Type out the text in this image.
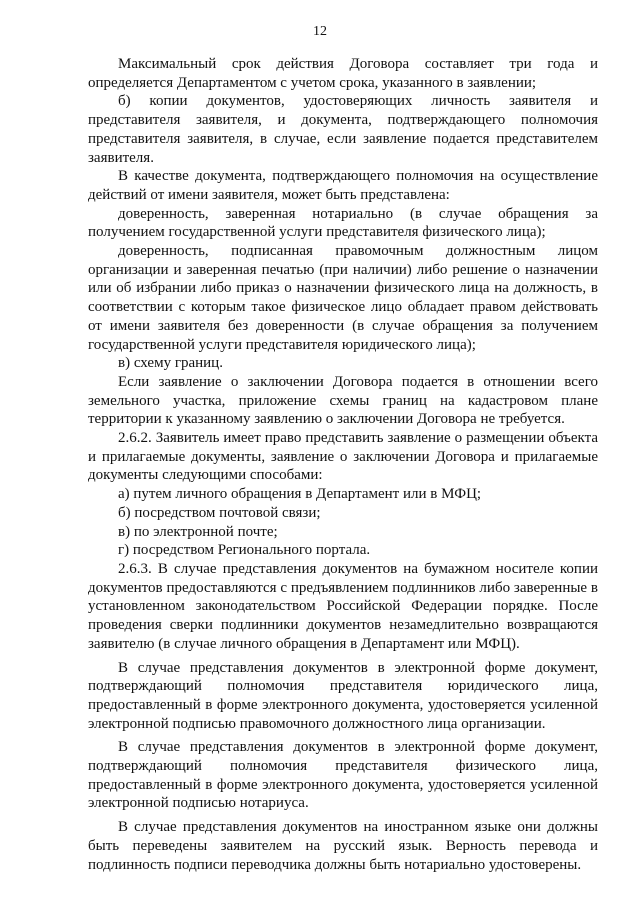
12

Максимальный срок действия Договора составляет три года и определяется Департаментом с учетом срока, указанного в заявлении;

б) копии документов, удостоверяющих личность заявителя и представителя заявителя, и документа, подтверждающего полномочия представителя заявителя, в случае, если заявление подается представителем заявителя.

В качестве документа, подтверждающего полномочия на осуществление действий от имени заявителя, может быть представлена:

доверенность, заверенная нотариально (в случае обращения за получением государственной услуги представителя физического лица);

доверенность, подписанная правомочным должностным лицом организации и заверенная печатью (при наличии) либо решение о назначении или об избрании либо приказ о назначении физического лица на должность, в соответствии с которым такое физическое лицо обладает правом действовать от имени заявителя без доверенности (в случае обращения за получением государственной услуги представителя юридического лица);

в) схему границ.

Если заявление о заключении Договора подается в отношении всего земельного участка, приложение схемы границ на кадастровом плане территории к указанному заявлению о заключении Договора не требуется.

2.6.2. Заявитель имеет право представить заявление о размещении объекта и прилагаемые документы, заявление о заключении Договора и прилагаемые документы следующими способами:

а) путем личного обращения в Департамент или в МФЦ;

б) посредством почтовой связи;

в) по электронной почте;

г) посредством Регионального портала.

2.6.3. В случае представления документов на бумажном носителе копии документов предоставляются с предъявлением подлинников либо заверенные в установленном законодательством Российской Федерации порядке. После проведения сверки подлинники документов незамедлительно возвращаются заявителю (в случае личного обращения в Департамент или МФЦ).

В случае представления документов в электронной форме документ, подтверждающий полномочия представителя юридического лица, предоставленный в форме электронного документа, удостоверяется усиленной электронной подписью правомочного должностного лица организации.

В случае представления документов в электронной форме документ, подтверждающий полномочия представителя физического лица, предоставленный в форме электронного документа, удостоверяется усиленной электронной подписью нотариуса.

В случае представления документов на иностранном языке они должны быть переведены заявителем на русский язык. Верность перевода и подлинность подписи переводчика должны быть нотариально удостоверены.
